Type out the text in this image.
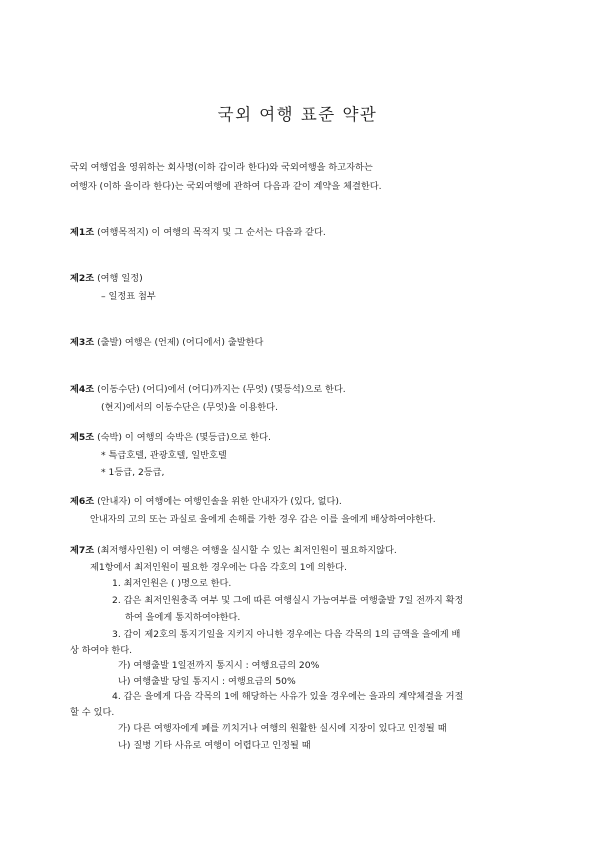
국외 여행 표준 약관
국외 여행업을 영위하는 회사명(이하 갑이라 한다)와 국외여행을 하고자하는
여행자 (이하 을이라 한다)는 국외여행에 관하여 다음과 같이 계약을 체결한다.
제1조 (여행목적지) 이 여행의 목적지 및 그 순서는 다음과 같다.
제2조 (여행 일정)
– 일정표 첨부
제3조 (출발) 여행은 (언제) (어디에서) 출발한다
제4조 (이동수단) (어디)에서 (어디)까지는 (무엇) (몇등석)으로 한다.
(현지)에서의 이동수단은 (무엇)을 이용한다.
제5조 (숙박) 이 여행의 숙박은 (몇등급)으로 한다.
* 특급호텔, 관광호텔, 일반호텔
* 1등급, 2등급,
제6조 (안내자) 이 여행에는 여행인솔을 위한 안내자가 (있다, 없다).
안내자의 고의 또는 과실로 을에게 손해를 가한 경우 갑은 이를 을에게 배상하여야한다.
제7조 (최저행사인원) 이 여행은 여행을 실시할 수 있는 최저인원이 필요하지않다.
제1항에서 최저인원이 필요한 경우에는 다음 각호의 1에 의한다.
1. 최저인원은 ( )명으로 한다.
2. 갑은 최저인원충족 여부 및 그에 따른 여행실시 가능여부를 여행출발 7일 전까지 확정
하여 을에게 통지하여야한다.
3. 갑이 제2호의 통지기일을 지키지 아니한 경우에는 다음 각목의 1의 금액을 을에게 배
상 하여야 한다.
가) 여행출발 1일전까지 통지시 : 여행요금의 20%
나) 여행출발 당일 통지시 : 여행요금의 50%
4. 갑은 을에게 다음 각목의 1에 해당하는 사유가 있을 경우에는 을과의 계약체결을 거절
할 수 있다.
가) 다른 여행자에게 폐를 끼치거나 여행의 원활한 실시에 지장이 있다고 인정될 때
나) 질병 기타 사유로 여행이 어렵다고 인정될 때
